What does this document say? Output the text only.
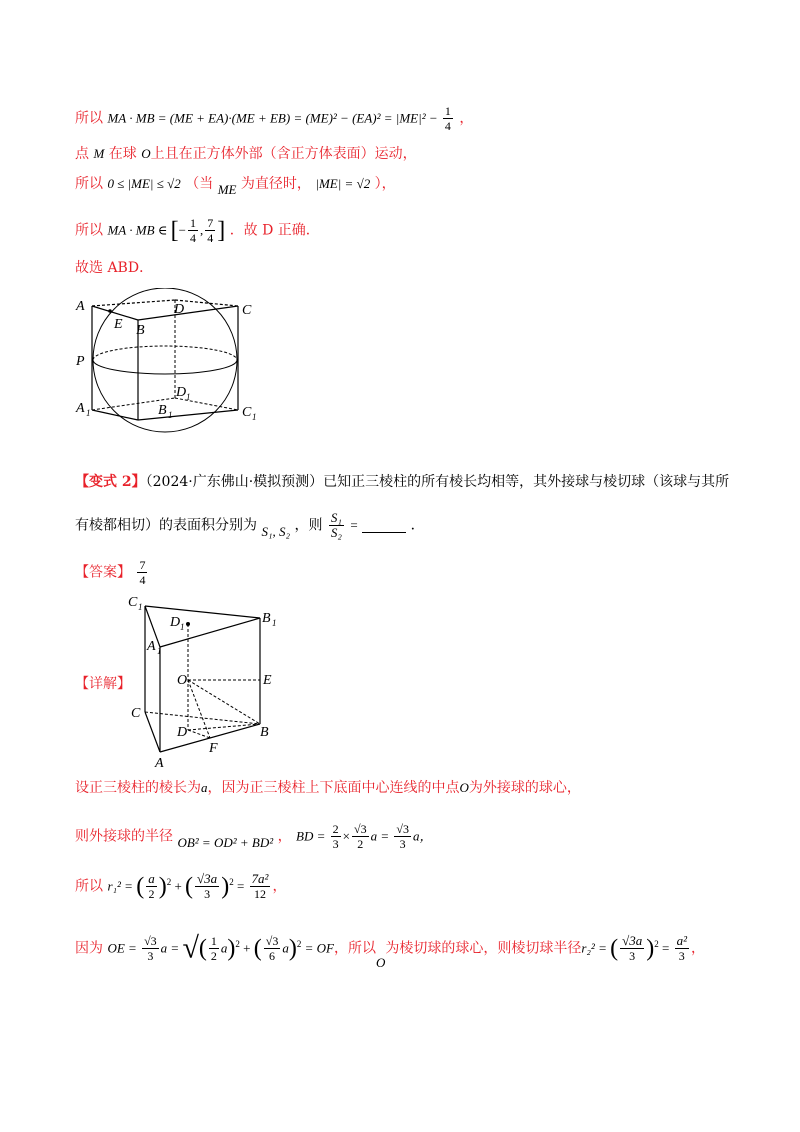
所以 MA · MB = $(ME + EA)\cdot(ME + EB) = (ME)^2 - (EA)^2 = |ME|^2 - \frac{1}{4}$ ，
点 M 在球 O上且在正方体外部（含正方体表面）运动，
所以 0 ≤ |ME| ≤ √2 （当 ME 为直径时， |ME| = √2 ），
所以 MA · MB ∈ [− $\frac{1}{4}$ , $\frac{7}{4}$ ] ．故 D 正确．
故选 ABD．
A	D	C
E B
P
D 1
A 1	B 1	C 1
【变式 2】（2024·广东佛山·模拟预测）已知正三棱柱的所有棱长均相等，其外接球与棱切球（该球与其所
有棱都相切）的表面积分别为 S₁, S₂ ，则 $\frac{\text{S₁}}{\text{S₂}}$ =	．
【答案】 $\frac{7}{4}$
【详解】
C 1
D 1
B 1
A 1
O	E
C
D	B
F
A
设正三棱柱的棱长为a，因为正三棱柱上下底面中心连线的中点O为外接球的球心，
则外接球的半径 OB² = OD² + BD² ， BD = $\frac{2}{3} \times \frac{√3}{2}$ $a = \frac{√3}{3}$ a，
所以 r₁² = ( $\frac{a}{2} )^2$ + ( $\frac{√3a}{3} )^2 = \frac{\text{7a²}}{12}$ ，
因为 OE = $\frac{√3}{3}$ a = √( $\frac{1}{2} a)^2$ + ( $\frac{√3}{6} a)^2$ = OF，所以O为棱切球的球心，则棱切球半径r₂² = ( $\frac{√3a}{3} )^2 = \frac{\text{a²}}{3}$ ，
